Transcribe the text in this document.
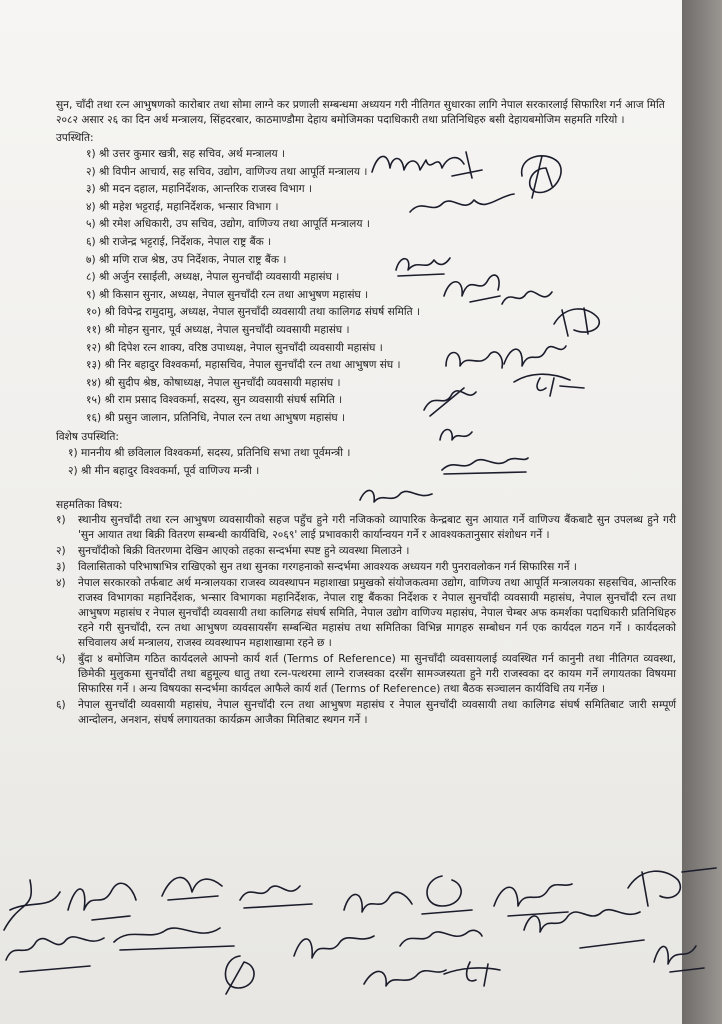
सुन, चाँदी तथा रत्न आभुषणको कारोबार तथा सोमा लाग्ने कर प्रणाली सम्बन्धमा अध्ययन गरी नीतिगत सुधारका लागि नेपाल सरकारलाई सिफारिश गर्न आज मिति २०८२ असार २६ का दिन अर्थ मन्त्रालय, सिंहदरबार, काठमाण्डौमा देहाय बमोजिमका पदाधिकारी तथा प्रतिनिधिहरु बसी देहायबमोजिम सहमति गरियो ।

उपस्थिति:

१) श्री उत्तर कुमार खत्री, सह सचिव, अर्थ मन्त्रालय ।
२) श्री विपीन आचार्य, सह सचिव, उद्योग, वाणिज्य तथा आपूर्ति मन्त्रालय ।
३) श्री मदन दहाल, महानिर्देशक, आन्तरिक राजस्व विभाग ।
४) श्री महेश भट्टराई, महानिर्देशक, भन्सार विभाग ।
५) श्री रमेश अधिकारी, उप सचिव, उद्योग, वाणिज्य तथा आपूर्ति मन्त्रालय ।
६) श्री राजेन्द्र भट्टराई, निर्देशक, नेपाल राष्ट्र बैंक ।
७) श्री मणि राज श्रेष्ठ, उप निर्देशक, नेपाल राष्ट्र बैंक ।
८) श्री अर्जुन रसाईली, अध्यक्ष, नेपाल सुनचाँदी व्यवसायी महासंघ ।
९) श्री किसान सुनार, अध्यक्ष, नेपाल सुनचाँदी रत्न तथा आभुषण महासंघ ।
१०) श्री विपेन्द्र रामुदामु, अध्यक्ष, नेपाल सुनचाँदी व्यवसायी तथा कालिगढ संघर्ष समिति ।
११) श्री मोहन सुनार, पूर्व अध्यक्ष, नेपाल सुनचाँदी व्यवसायी महासंघ ।
१२) श्री दिपेश रत्न शाक्य, वरिष्ठ उपाध्यक्ष, नेपाल सुनचाँदी व्यवसायी महासंघ ।
१३) श्री निर बहादुर विश्वकर्मा, महासचिव, नेपाल सुनचाँदी रत्न तथा आभुषण संघ ।
१४) श्री सुदीप श्रेष्ठ, कोषाध्यक्ष, नेपाल सुनचाँदी व्यवसायी महासंघ ।
१५) श्री राम प्रसाद विश्वकर्मा, सदस्य, सुन व्यवसायी संघर्ष समिति ।
१६) श्री प्रसुन जालान, प्रतिनिधि, नेपाल रत्न तथा आभुषण महासंघ ।

विशेष उपस्थिति:

१) माननीय श्री छविलाल विश्वकर्मा, सदस्य, प्रतिनिधि सभा तथा पूर्वमन्त्री ।
२) श्री मीन बहादुर विश्वकर्मा, पूर्व वाणिज्य मन्त्री ।

सहमतिका विषय:

१)	स्थानीय सुनचाँदी तथा रत्न आभुषण व्यवसायीको सहज पहुँच हुने गरी नजिकको व्यापारिक केन्द्रबाट सुन आयात गर्ने वाणिज्य बैंकबाटै सुन उपलब्ध हुने गरी 'सुन आयात तथा बिक्री वितरण सम्बन्धी कार्यविधि, २०६९' लाई प्रभावकारी कार्यान्वयन गर्ने र आवश्यकतानुसार संशोधन गर्ने ।
२)	सुनचाँदीको बिक्री वितरणमा देखिन आएको तहका सन्दर्भमा स्पष्ट हुने व्यवस्था मिलाउने ।
३)	विलासिताको परिभाषाभित्र राखिएको सुन तथा सुनका गरगहनाको सन्दर्भमा आवश्यक अध्ययन गरी पुनरावलोकन गर्न सिफारिस गर्ने ।
४)	नेपाल सरकारको तर्फबाट अर्थ मन्त्रालयका राजस्व व्यवस्थापन महाशाखा प्रमुखको संयोजकत्वमा उद्योग, वाणिज्य तथा आपूर्ति मन्त्रालयका सहसचिव, आन्तरिक राजस्व विभागका महानिर्देशक, भन्सार विभागका महानिर्देशक, नेपाल राष्ट्र बैंकका निर्देशक र नेपाल सुनचाँदी व्यवसायी महासंघ, नेपाल सुनचाँदी रत्न तथा आभुषण महासंघ र नेपाल सुनचाँदी व्यवसायी तथा कालिगढ संघर्ष समिति, नेपाल उद्योग वाणिज्य महासंघ, नेपाल चेम्बर अफ कमर्शका पदाधिकारी प्रतिनिधिहरु रहने गरी सुनचाँदी, रत्न तथा आभुषण व्यवसायसँग सम्बन्धित महासंघ तथा समितिका विभिन्न मागहरु सम्बोधन गर्न एक कार्यदल गठन गर्ने । कार्यदलको सचिवालय अर्थ मन्त्रालय, राजस्व व्यवस्थापन महाशाखामा रहने छ ।
५)	बुँदा ४ बमोजिम गठित कार्यदलले आफ्नो कार्य शर्त (Terms of Reference) मा सुनचाँदी व्यवसायलाई व्यवस्थित गर्न कानुनी तथा नीतिगत व्यवस्था, छिमेकी मुलुकमा सुनचाँदी तथा बहुमूल्य धातु तथा रत्न-पत्थरमा लाग्ने राजस्वका दरसँग सामञ्जस्यता हुने गरी राजस्वका दर कायम गर्ने लगायतका विषयमा सिफारिस गर्ने । अन्य विषयका सन्दर्भमा कार्यदल आफैले कार्य शर्त (Terms of Reference) तथा बैठक सञ्चालन कार्यविधि तय गर्नेछ ।
६)	नेपाल सुनचाँदी व्यवसायी महासंघ, नेपाल सुनचाँदी रत्न तथा आभुषण महासंघ र नेपाल सुनचाँदी व्यवसायी तथा कालिगढ संघर्ष समितिबाट जारी सम्पूर्ण आन्दोलन, अनशन, संघर्ष लगायतका कार्यक्रम आजैका मितिबाट स्थगन गर्ने ।
